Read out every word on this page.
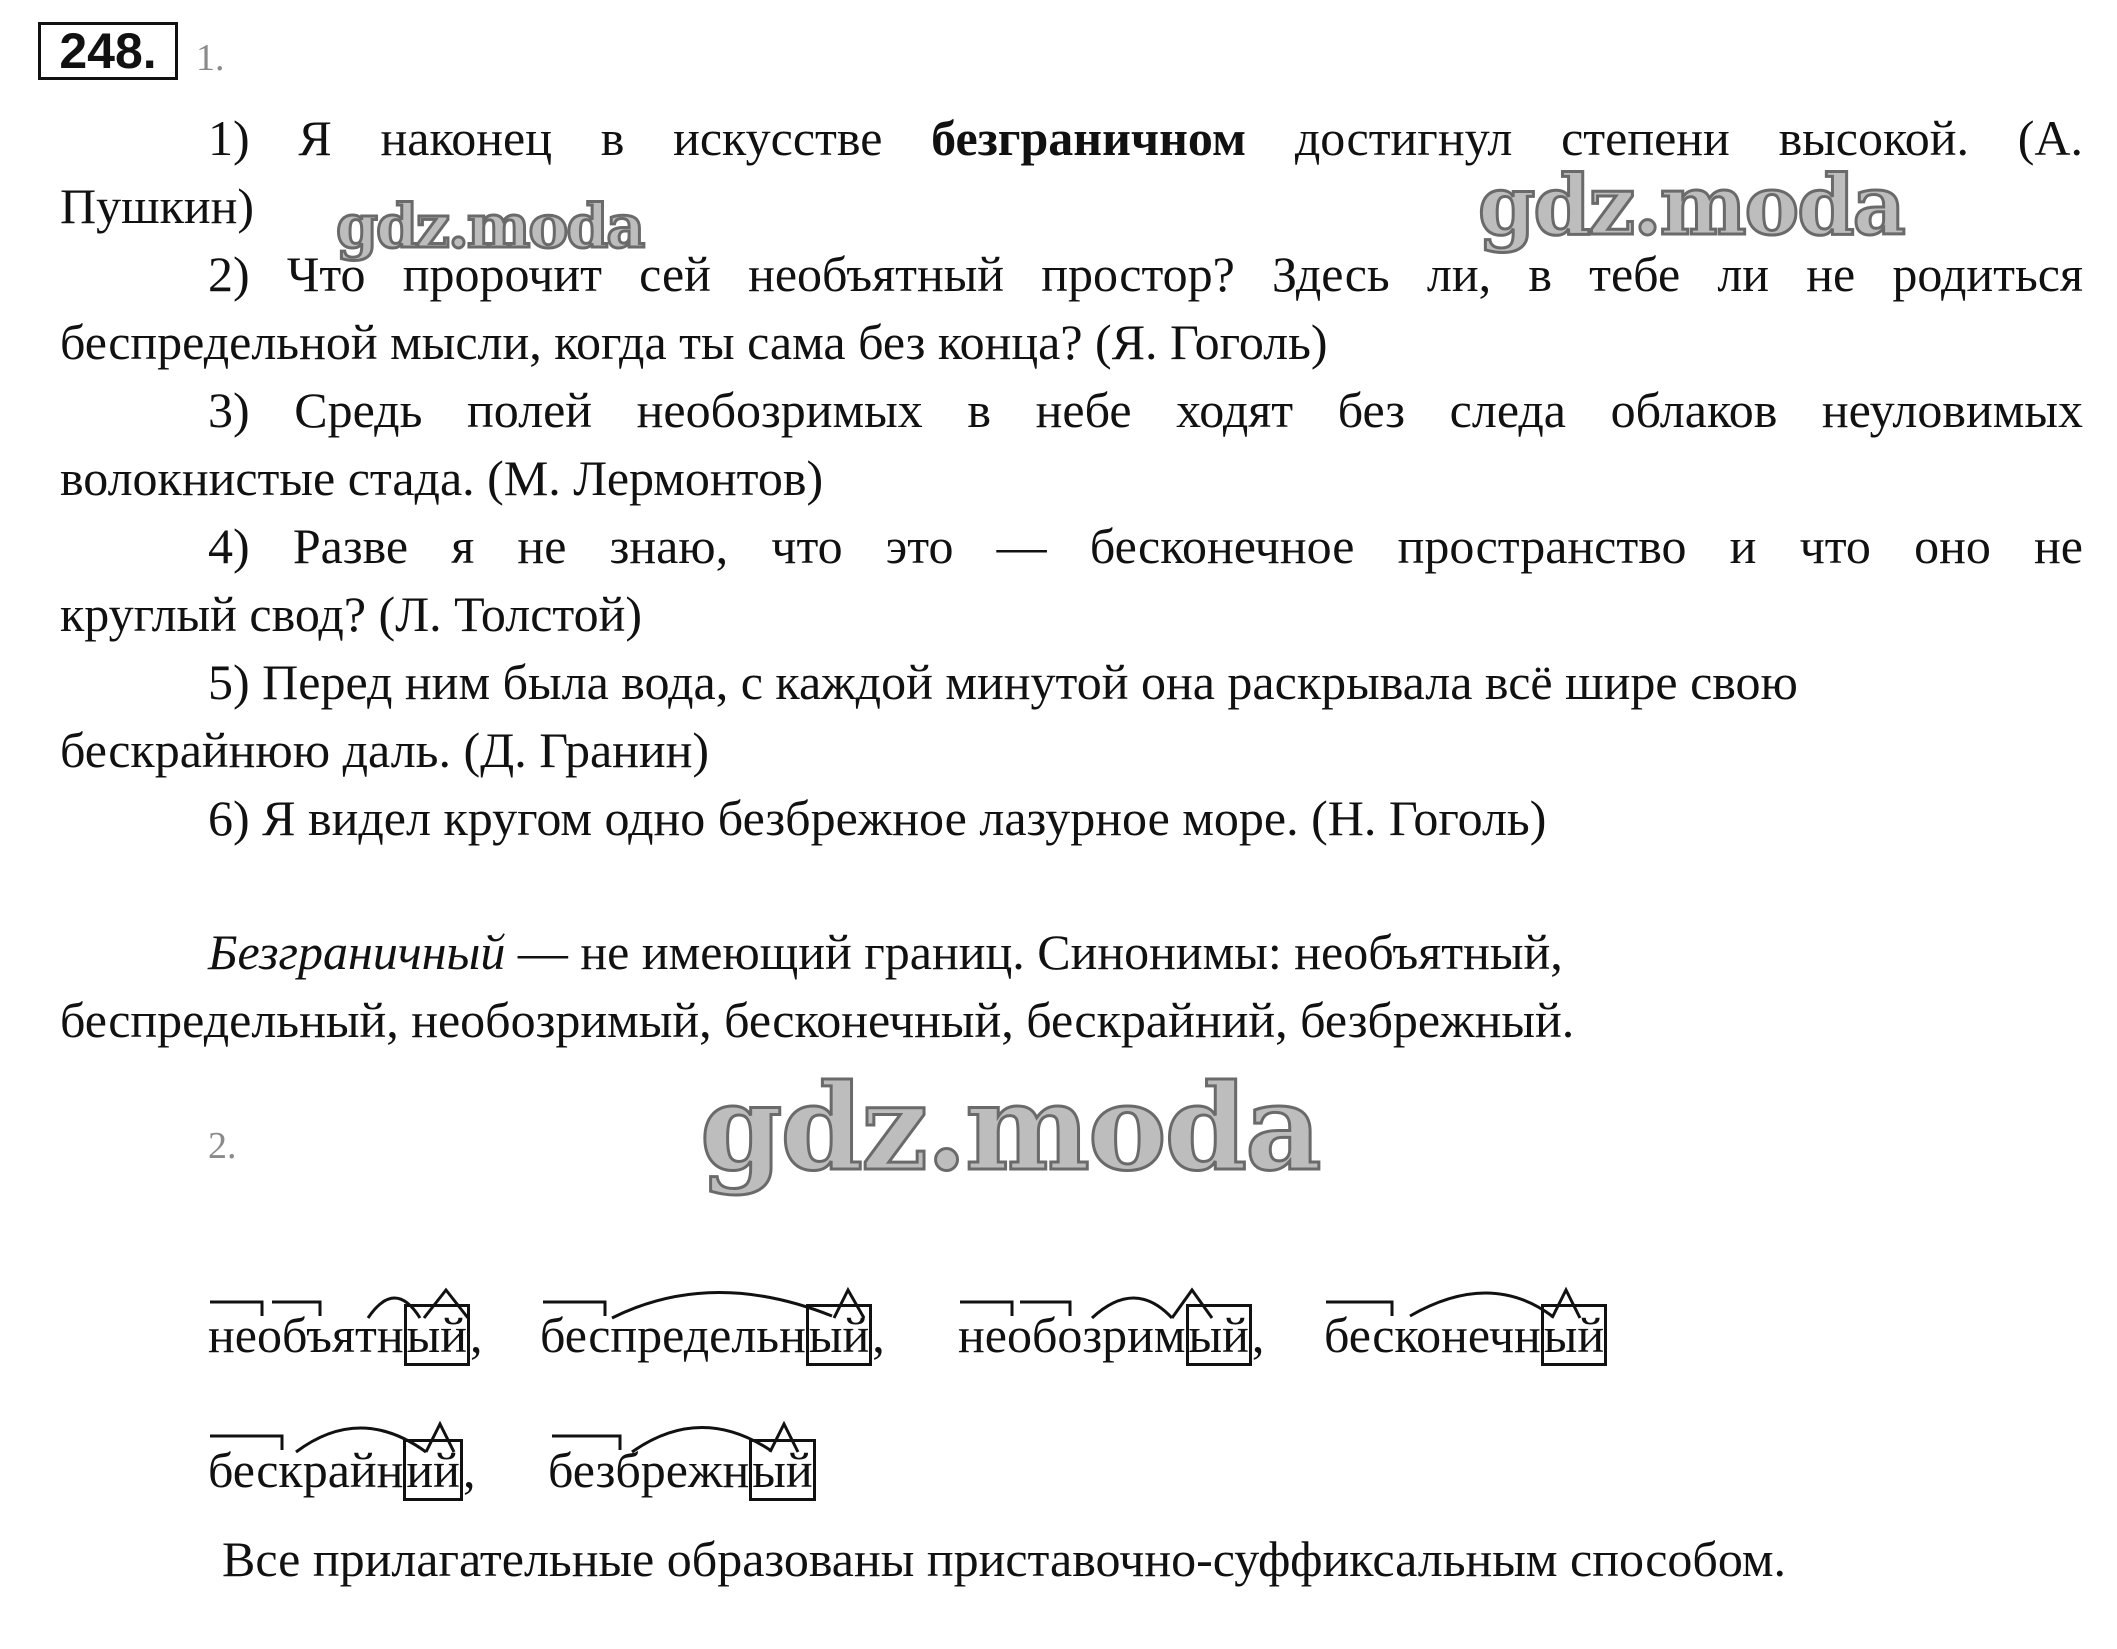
248.	1.
1) Я наконец в искусстве безграничном достигнул степени высокой. (А.
Пушкин)
2) Что пророчит сей необъятный простор? Здесь ли, в тебе ли не родиться
беспредельной мысли, когда ты сама без конца? (Я. Гоголь)
3) Средь полей необозримых в небе ходят без следа облаков неуловимых
волокнистые стада. (М. Лермонтов)
4) Разве я не знаю, что это — бесконечное пространство и что оно не
круглый свод? (Л. Толстой)
5) Перед ним была вода, с каждой минутой она раскрывала всё шире свою
бескрайнюю даль. (Д. Гранин)
6) Я видел кругом одно безбрежное лазурное море. (Н. Гоголь)
Безграничный — не имеющий границ. Синонимы: необъятный,
беспредельный, необозримый, бесконечный, бескрайний, безбрежный.
2.
необъятный, беспредельный, необозримый, бесконечный
бескрайний, безбрежный
Все прилагательные образованы приставочно-суффиксальным способом.
gdz.moda	gdz.moda
gdz.moda
